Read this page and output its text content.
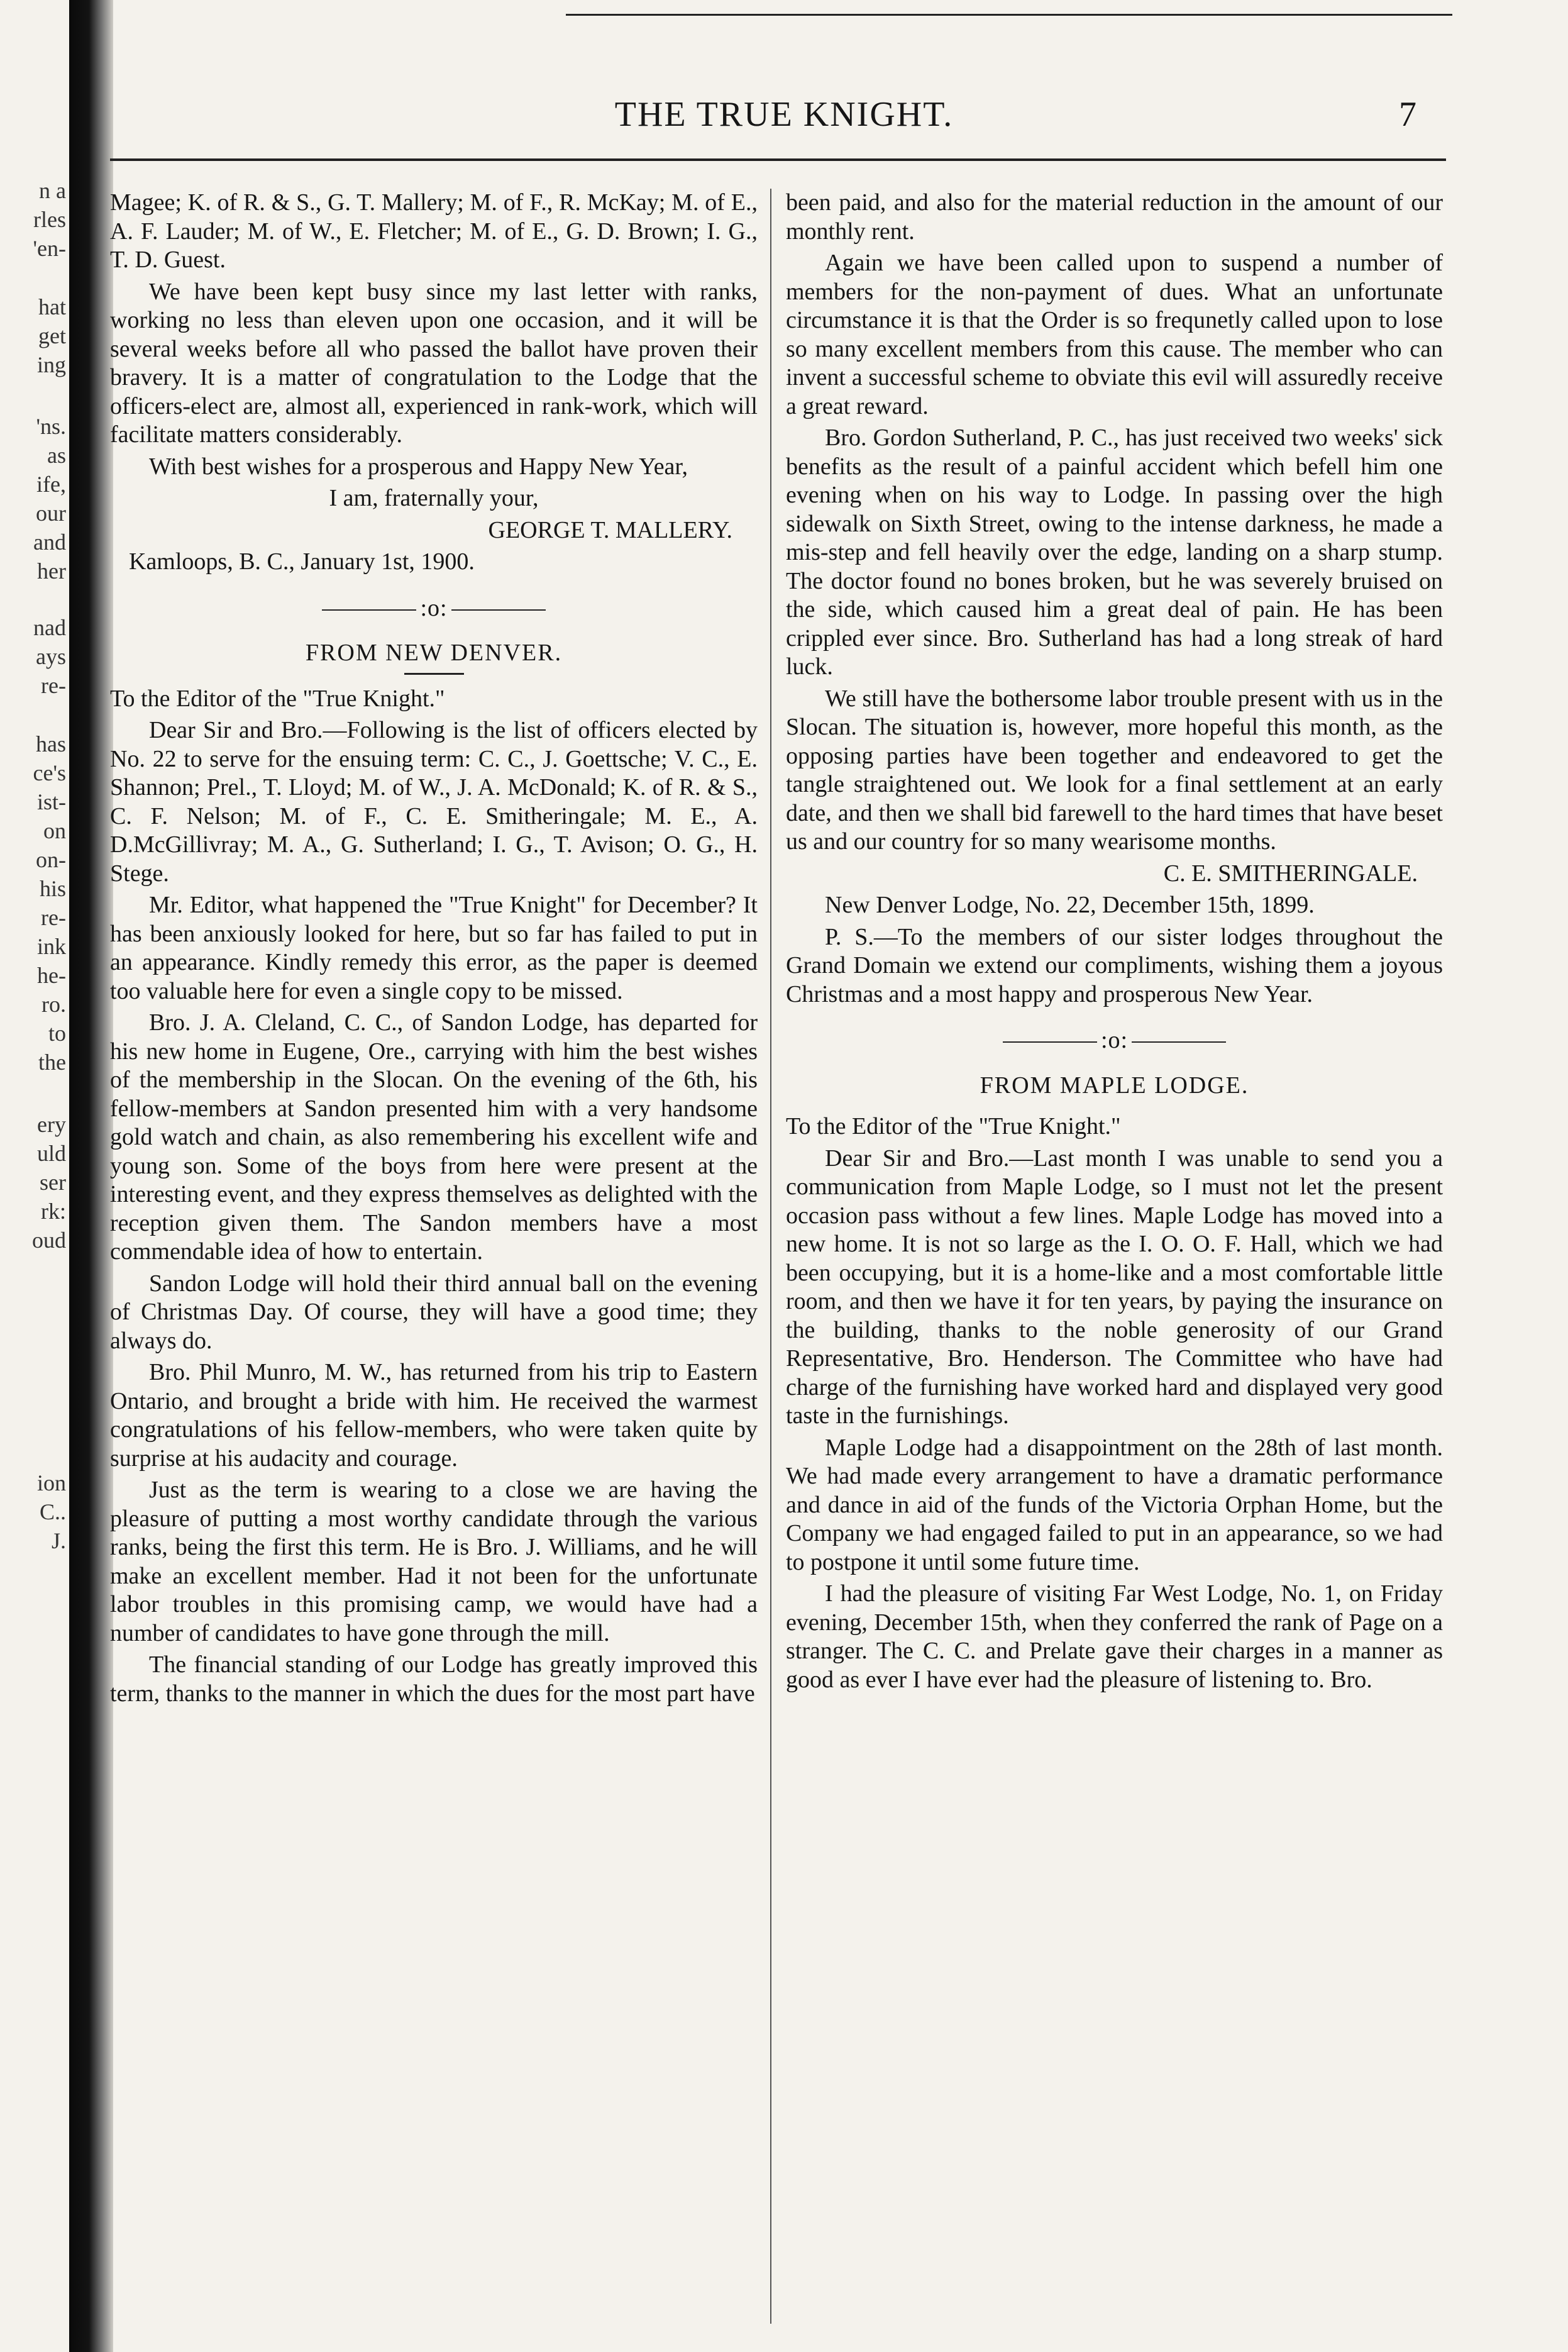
n a
rles
'en-
hat
get
ing
'ns.
as
ife,
our
and
her
nad
ays
re-
has
ce's
ist-
on
on-
his
re-
ink
he-
ro.
to
the
ery
uld
ser
rk:
oud
ion
C..
J.
THE TRUE KNIGHT.	7

Magee; K. of R. & S., G. T. Mallery; M. of F., R. McKay; M. of E., A. F. Lauder; M. of W., E. Fletcher; M. of E., G. D. Brown; I. G., T. D. Guest.

We have been kept busy since my last letter with ranks, working no less than eleven upon one occasion, and it will be several weeks before all who passed the ballot have proven their bravery. It is a matter of congratulation to the Lodge that the officers-elect are, almost all, experienced in rank-work, which will facilitate matters considerably.

With best wishes for a prosperous and Happy New Year,

I am, fraternally your,

GEORGE T. MALLERY.

Kamloops, B. C., January 1st, 1900.

:o:
FROM NEW DENVER.

To the Editor of the "True Knight."

Dear Sir and Bro.—Following is the list of officers elected by No. 22 to serve for the ensuing term: C. C., J. Goettsche; V. C., E. Shannon; Prel., T. Lloyd; M. of W., J. A. McDonald; K. of R. & S., C. F. Nelson; M. of F., C. E. Smitheringale; M. E., A. D.McGillivray; M. A., G. Sutherland; I. G., T. Avison; O. G., H. Stege.

Mr. Editor, what happened the "True Knight" for December? It has been anxiously looked for here, but so far has failed to put in an appearance. Kindly remedy this error, as the paper is deemed too valuable here for even a single copy to be missed.

Bro. J. A. Cleland, C. C., of Sandon Lodge, has departed for his new home in Eugene, Ore., carrying with him the best wishes of the membership in the Slocan. On the evening of the 6th, his fellow-members at Sandon presented him with a very handsome gold watch and chain, as also remembering his excellent wife and young son. Some of the boys from here were present at the interesting event, and they express themselves as delighted with the reception given them. The Sandon members have a most commendable idea of how to entertain.

Sandon Lodge will hold their third annual ball on the evening of Christmas Day. Of course, they will have a good time; they always do.

Bro. Phil Munro, M. W., has returned from his trip to Eastern Ontario, and brought a bride with him. He received the warmest congratulations of his fellow-members, who were taken quite by surprise at his audacity and courage.

Just as the term is wearing to a close we are having the pleasure of putting a most worthy candidate through the various ranks, being the first this term. He is Bro. J. Williams, and he will make an excellent member. Had it not been for the unfortunate labor troubles in this promising camp, we would have had a number of candidates to have gone through the mill.

The financial standing of our Lodge has greatly improved this term, thanks to the manner in which the dues for the most part have

been paid, and also for the material reduction in the amount of our monthly rent.

Again we have been called upon to suspend a number of members for the non-payment of dues. What an unfortunate circumstance it is that the Order is so frequnetly called upon to lose so many excellent members from this cause. The member who can invent a successful scheme to obviate this evil will assuredly receive a great reward.

Bro. Gordon Sutherland, P. C., has just received two weeks' sick benefits as the result of a painful accident which befell him one evening when on his way to Lodge. In passing over the high sidewalk on Sixth Street, owing to the intense darkness, he made a mis-step and fell heavily over the edge, landing on a sharp stump. The doctor found no bones broken, but he was severely bruised on the side, which caused him a great deal of pain. He has been crippled ever since. Bro. Sutherland has had a long streak of hard luck.

We still have the bothersome labor trouble present with us in the Slocan. The situation is, however, more hopeful this month, as the opposing parties have been together and endeavored to get the tangle straightened out. We look for a final settlement at an early date, and then we shall bid farewell to the hard times that have beset us and our country for so many wearisome months.

C. E. SMITHERINGALE.

New Denver Lodge, No. 22, December 15th, 1899.

P. S.—To the members of our sister lodges throughout the Grand Domain we extend our compliments, wishing them a joyous Christmas and a most happy and prosperous New Year.

:o:
FROM MAPLE LODGE.

To the Editor of the "True Knight."

Dear Sir and Bro.—Last month I was unable to send you a communication from Maple Lodge, so I must not let the present occasion pass without a few lines. Maple Lodge has moved into a new home. It is not so large as the I. O. O. F. Hall, which we had been occupying, but it is a home-like and a most comfortable little room, and then we have it for ten years, by paying the insurance on the building, thanks to the noble generosity of our Grand Representative, Bro. Henderson. The Committee who have had charge of the furnishing have worked hard and displayed very good taste in the furnishings.

Maple Lodge had a disappointment on the 28th of last month. We had made every arrangement to have a dramatic performance and dance in aid of the funds of the Victoria Orphan Home, but the Company we had engaged failed to put in an appearance, so we had to postpone it until some future time.

I had the pleasure of visiting Far West Lodge, No. 1, on Friday evening, December 15th, when they conferred the rank of Page on a stranger. The C. C. and Prelate gave their charges in a manner as good as ever I have ever had the pleasure of listening to. Bro.
